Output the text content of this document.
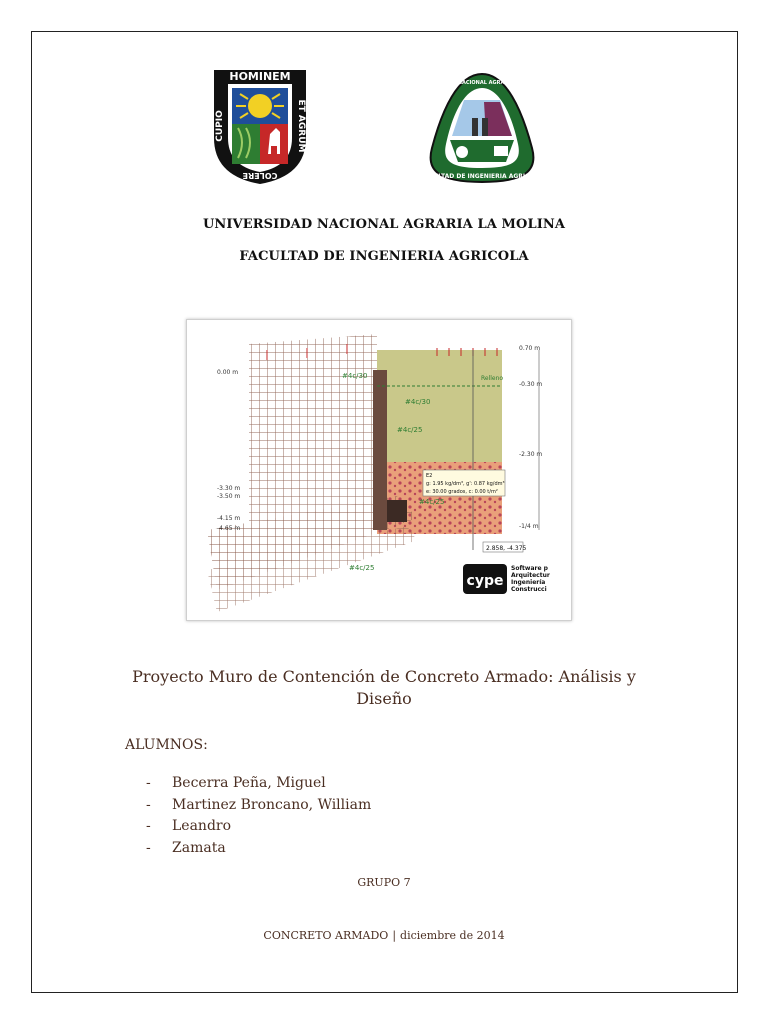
HOMINEM
CUPIO	ET AGRUM
COLERE	FACULTAD DE INGENIERIA AGRICOLA
UNIVERSIDAD NACIONAL AGRARIA LA MOLINA
UNIVERSIDAD NACIONAL AGRARIA LA MOLINA
FACULTAD DE INGENIERIA AGRICOLA
#4c/30
#4c/30
#4c/25
#4c/25
#4c/25
0.70 m
-0.30 m
-2.30 m
-1/4 m
0.00 m
-3.30 m
-3.50 m
-4.15 m
-4.65 m
Relleno
E2
g: 1.95 kg/dm³, g': 0.87 kg/dm³
e: 30.00 grados, c: 0.00 t/m²
2.858, -4.375
cype
Software p
Arquitectur
Ingeniería
Construcci
Proyecto Muro de Contención de Concreto Armado: Análisis y Diseño
ALUMNOS:
- Becerra Peña, Miguel
- Martinez Broncano, William
- Leandro
- Zamata
GRUPO 7
CONCRETO ARMADO | diciembre de 2014
